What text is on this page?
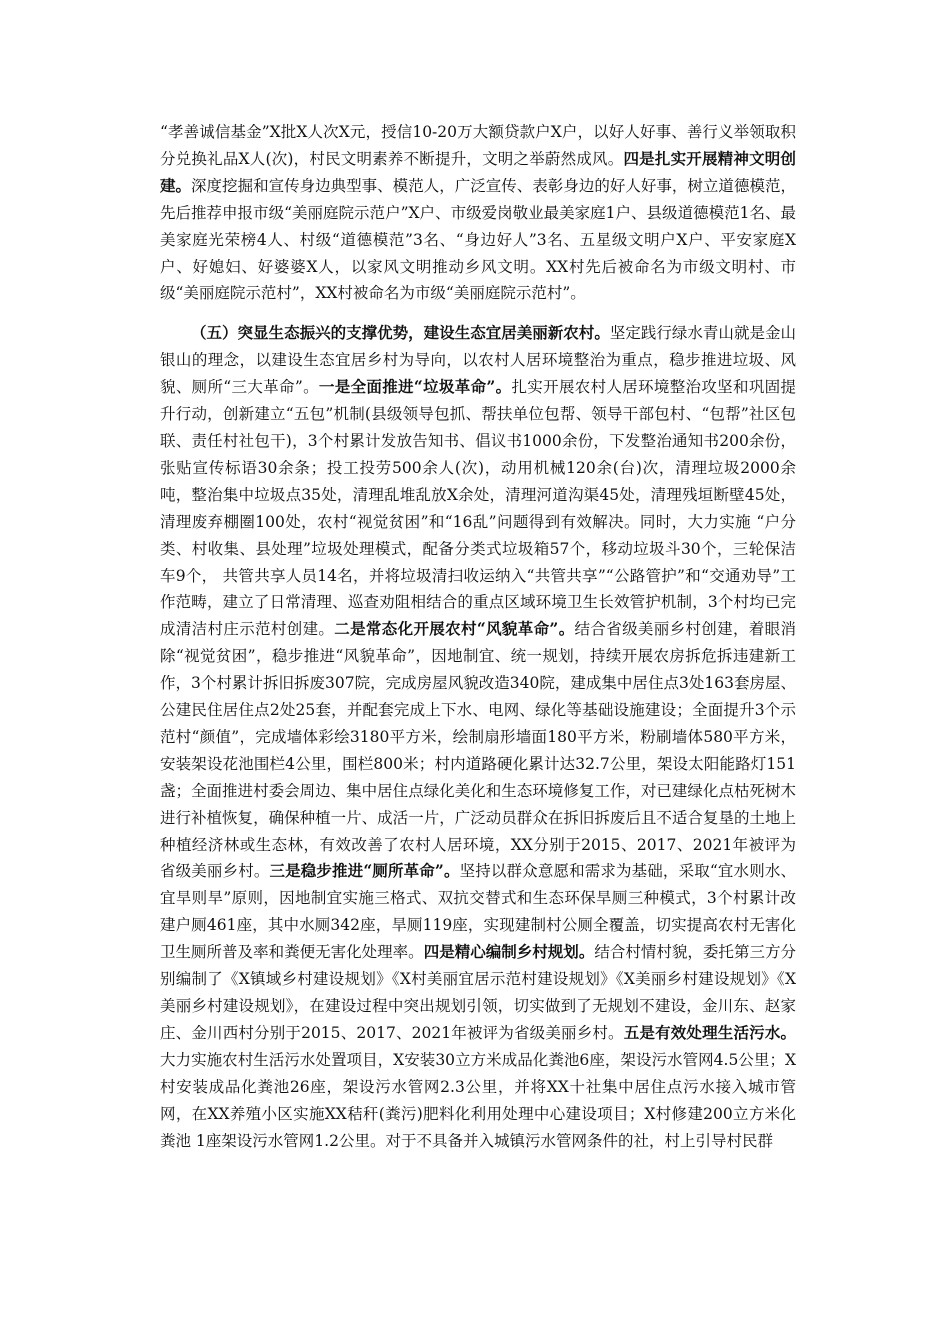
“孝善诚信基金”X批X人次X元，授信10-20万大额贷款户X户，以好人好事、善行义举领取积分兑换礼品X人(次)，村民文明素养不断提升，文明之举蔚然成风。四是扎实开展精神文明创建。深度挖掘和宣传身边典型事、模范人，广泛宣传、表彰身边的好人好事，树立道德模范，先后推荐申报市级“美丽庭院示范户”X户、市级爱岗敬业最美家庭1户、县级道德模范1名、最美家庭光荣榜4人、村级“道德模范”3名、“身边好人”3名、五星级文明户X户、平安家庭X户、好媳妇、好婆婆X人，以家风文明推动乡风文明。XX村先后被命名为市级文明村、市级“美丽庭院示范村”，XX村被命名为市级“美丽庭院示范村”。

（五）突显生态振兴的支撑优势，建设生态宜居美丽新农村。坚定践行绿水青山就是金山银山的理念，以建设生态宜居乡村为导向，以农村人居环境整治为重点，稳步推进垃圾、风貌、厕所“三大革命”。一是全面推进“垃圾革命”。扎实开展农村人居环境整治攻坚和巩固提升行动，创新建立“五包”机制(县级领导包抓、帮扶单位包帮、领导干部包村、“包帮”社区包联、责任村社包干)，3个村累计发放告知书、倡议书1000余份，下发整治通知书200余份，张贴宣传标语30余条；投工投劳500余人(次)，动用机械120余(台)次，清理垃圾2000余吨，整治集中垃圾点35处，清理乱堆乱放X余处，清理河道沟渠45处，清理残垣断壁45处，清理废弃棚圈100处，农村“视觉贫困”和“16乱”问题得到有效解决。同时，大力实施 “户分类、村收集、县处理”垃圾处理模式，配备分类式垃圾箱57个，移动垃圾斗30个，三轮保洁车9个， 共管共享人员14名，并将垃圾清扫收运纳入“共管共享”“公路管护”和“交通劝导”工作范畴，建立了日常清理、巡查劝阻相结合的重点区域环境卫生长效管护机制，3个村均已完成清洁村庄示范村创建。二是常态化开展农村“风貌革命”。结合省级美丽乡村创建，着眼消除“视觉贫困”，稳步推进“风貌革命”，因地制宜、统一规划，持续开展农房拆危拆违建新工作，3个村累计拆旧拆废307院，完成房屋风貌改造340院，建成集中居住点3处163套房屋、公建民住居住点2处25套，并配套完成上下水、电网、绿化等基础设施建设；全面提升3个示范村“颜值”，完成墙体彩绘3180平方米，绘制扇形墙面180平方米，粉刷墙体580平方米，安装架设花池围栏4公里，围栏800米；村内道路硬化累计达32.7公里，架设太阳能路灯151盏；全面推进村委会周边、集中居住点绿化美化和生态环境修复工作，对已建绿化点枯死树木进行补植恢复，确保种植一片、成活一片，广泛动员群众在拆旧拆废后且不适合复垦的土地上种植经济林或生态林，有效改善了农村人居环境，XX分别于2015、2017、2021年被评为省级美丽乡村。三是稳步推进“厕所革命”。坚持以群众意愿和需求为基础，采取“宜水则水、宜旱则旱”原则，因地制宜实施三格式、双抗交替式和生态环保旱厕三种模式，3个村累计改建户厕461座，其中水厕342座，旱厕119座，实现建制村公厕全覆盖，切实提高农村无害化卫生厕所普及率和粪便无害化处理率。四是精心编制乡村规划。结合村情村貌，委托第三方分别编制了《X镇域乡村建设规划》《X村美丽宜居示范村建设规划》《X美丽乡村建设规划》《X美丽乡村建设规划》，在建设过程中突出规划引领，切实做到了无规划不建设，金川东、赵家庄、金川西村分别于2015、2017、2021年被评为省级美丽乡村。五是有效处理生活污水。大力实施农村生活污水处置项目，X安装30立方米成品化粪池6座，架设污水管网4.5公里；X村安装成品化粪池26座，架设污水管网2.3公里，并将XX十社集中居住点污水接入城市管网，在XX养殖小区实施XX秸秆(粪污)肥料化利用处理中心建设项目；X村修建200立方米化粪池 1座架设污水管网1.2公里。对于不具备并入城镇污水管网条件的社，村上引导村民群
